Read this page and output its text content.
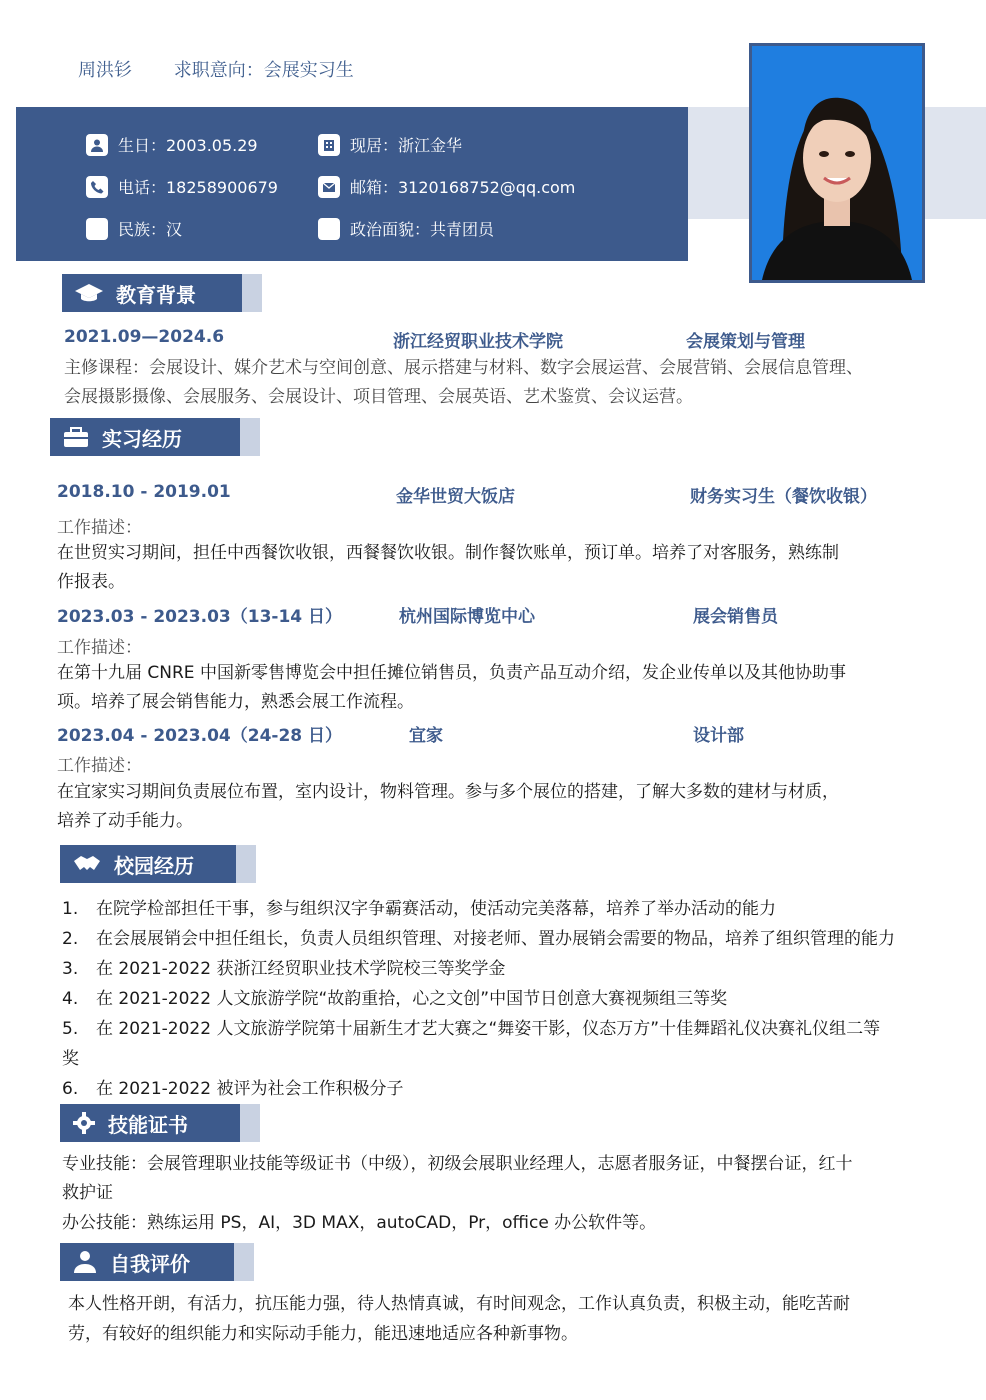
周洪钐 求职意向：会展实习生
生日：2003.05.29	现居：浙江金华
电话：18258900679	邮箱：3120168752@qq.com
民族：汉	政治面貌：共青团员
教育背景
2021.09—2024.6	浙江经贸职业技术学院	会展策划与管理
主修课程：会展设计、媒介艺术与空间创意、展示搭建与材料、数字会展运营、会展营销、会展信息管理、
会展摄影摄像、会展服务、会展设计、项目管理、会展英语、艺术鉴赏、会议运营。
实习经历
2018.10 - 2019.01	金华世贸大饭店	财务实习生（餐饮收银）
工作描述：
在世贸实习期间，担任中西餐饮收银，西餐餐饮收银。制作餐饮账单，预订单。培养了对客服务，熟练制
作报表。
2023.03 - 2023.03（13-14 日）	杭州国际博览中心	展会销售员
工作描述：
在第十九届 CNRE 中国新零售博览会中担任摊位销售员，负责产品互动介绍，发企业传单以及其他协助事
项。培养了展会销售能力，熟悉会展工作流程。
2023.04 - 2023.04（24-28 日）	宜家	设计部
工作描述：
在宜家实习期间负责展位布置，室内设计，物料管理。参与多个展位的搭建，了解大多数的建材与材质，
培养了动手能力。
校园经历
1. 在院学检部担任干事，参与组织汉字争霸赛活动，使活动完美落幕，培养了举办活动的能力
2. 在会展展销会中担任组长，负责人员组织管理、对接老师、置办展销会需要的物品，培养了组织管理的能力
3. 在 2021-2022 获浙江经贸职业技术学院校三等奖学金
4. 在 2021-2022 人文旅游学院“故韵重拾，心之文创”中国节日创意大赛视频组三等奖
5. 在 2021-2022 人文旅游学院第十届新生才艺大赛之“舞姿干影，仪态万方”十佳舞蹈礼仪决赛礼仪组二等
奖
6. 在 2021-2022 被评为社会工作积极分子
技能证书
专业技能：会展管理职业技能等级证书（中级），初级会展职业经理人，志愿者服务证，中餐摆台证，红十
救护证
办公技能：熟练运用 PS，AI，3D MAX，autoCAD，Pr，office 办公软件等。
自我评价
本人性格开朗，有活力，抗压能力强，待人热情真诚，有时间观念，工作认真负责，积极主动，能吃苦耐
劳，有较好的组织能力和实际动手能力，能迅速地适应各种新事物。
